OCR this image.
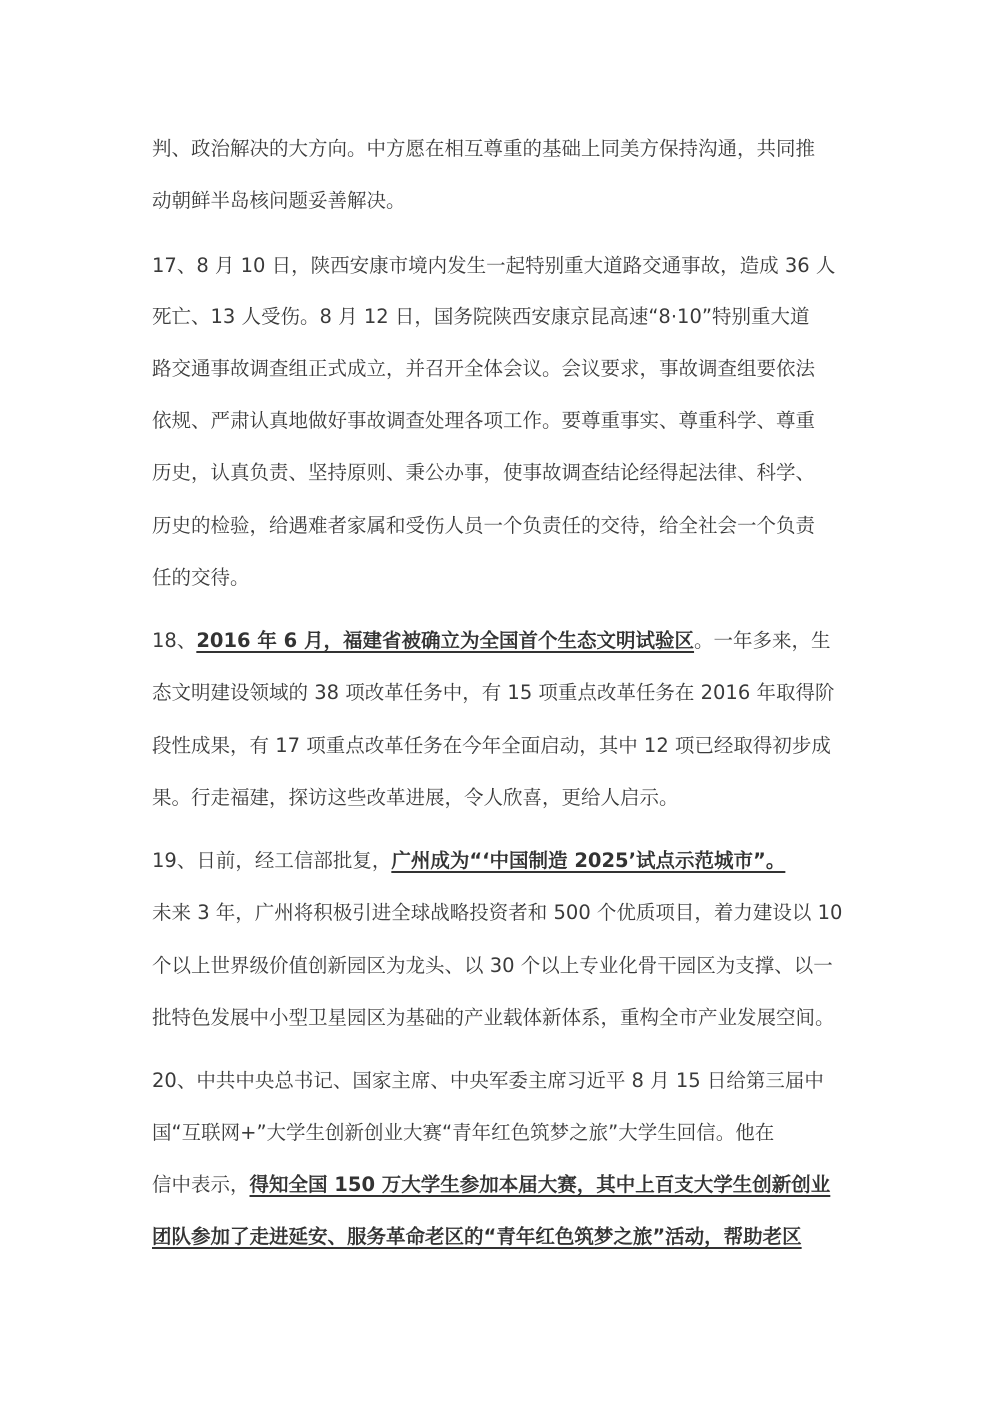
判、政治解决的大方向。中方愿在相互尊重的基础上同美方保持沟通，共同推
动朝鲜半岛核问题妥善解决。
17、8 月 10 日，陕西安康市境内发生一起特别重大道路交通事故，造成 36 人
死亡、13 人受伤。8 月 12 日，国务院陕西安康京昆高速“8·10”特别重大道
路交通事故调查组正式成立，并召开全体会议。会议要求，事故调查组要依法
依规、严肃认真地做好事故调查处理各项工作。要尊重事实、尊重科学、尊重
历史，认真负责、坚持原则、秉公办事，使事故调查结论经得起法律、科学、
历史的检验，给遇难者家属和受伤人员一个负责任的交待，给全社会一个负责
任的交待。
18、2016 年 6 月，福建省被确立为全国首个生态文明试验区。一年多来，生
态文明建设领域的 38 项改革任务中，有 15 项重点改革任务在 2016 年取得阶
段性成果，有 17 项重点改革任务在今年全面启动，其中 12 项已经取得初步成
果。行走福建，探访这些改革进展，令人欣喜，更给人启示。
19、日前，经工信部批复，广州成为“‘中国制造 2025’试点示范城市”。
未来 3 年，广州将积极引进全球战略投资者和 500 个优质项目，着力建设以 10
个以上世界级价值创新园区为龙头、以 30 个以上专业化骨干园区为支撑、以一
批特色发展中小型卫星园区为基础的产业载体新体系，重构全市产业发展空间。
20、中共中央总书记、国家主席、中央军委主席习近平 8 月 15 日给第三届中
国“互联网+”大学生创新创业大赛“青年红色筑梦之旅”大学生回信。他在
信中表示，得知全国 150 万大学生参加本届大赛，其中上百支大学生创新创业
团队参加了走进延安、服务革命老区的“青年红色筑梦之旅”活动，帮助老区
